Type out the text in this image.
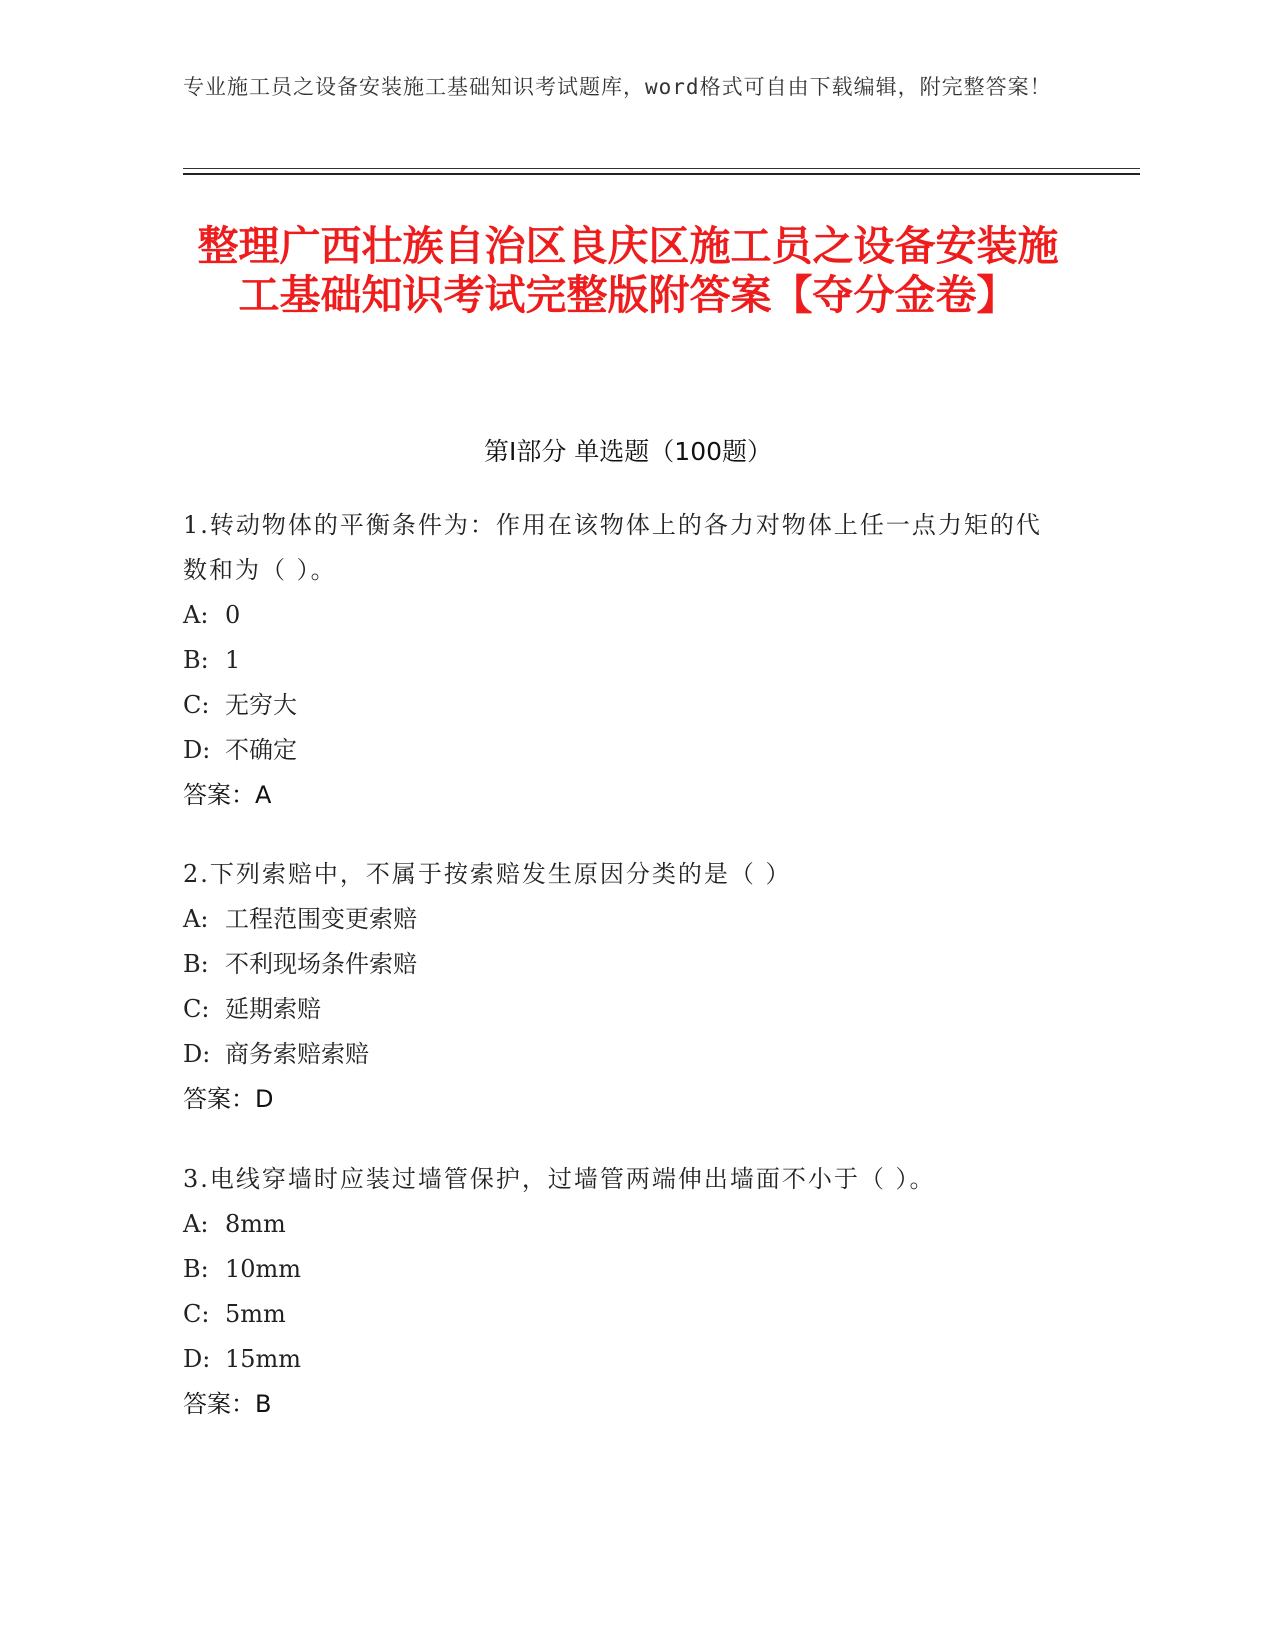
专业施工员之设备安装施工基础知识考试题库，word格式可自由下载编辑，附完整答案！
整理广西壮族自治区良庆区施工员之设备安装施工基础知识考试完整版附答案【夺分金卷】
第Ⅰ部分 单选题（100题）
1.转动物体的平衡条件为：作用在该物体上的各力对物体上任一点力矩的代数和为（ ）。
A: 0
B: 1
C: 无穷大
D: 不确定
答案：A
2.下列索赔中，不属于按索赔发生原因分类的是（ ）
A: 工程范围变更索赔
B: 不利现场条件索赔
C: 延期索赔
D: 商务索赔索赔
答案：D
3.电线穿墙时应装过墙管保护，过墙管两端伸出墙面不小于（ ）。
A: 8mm
B: 10mm
C: 5mm
D: 15mm
答案：B
